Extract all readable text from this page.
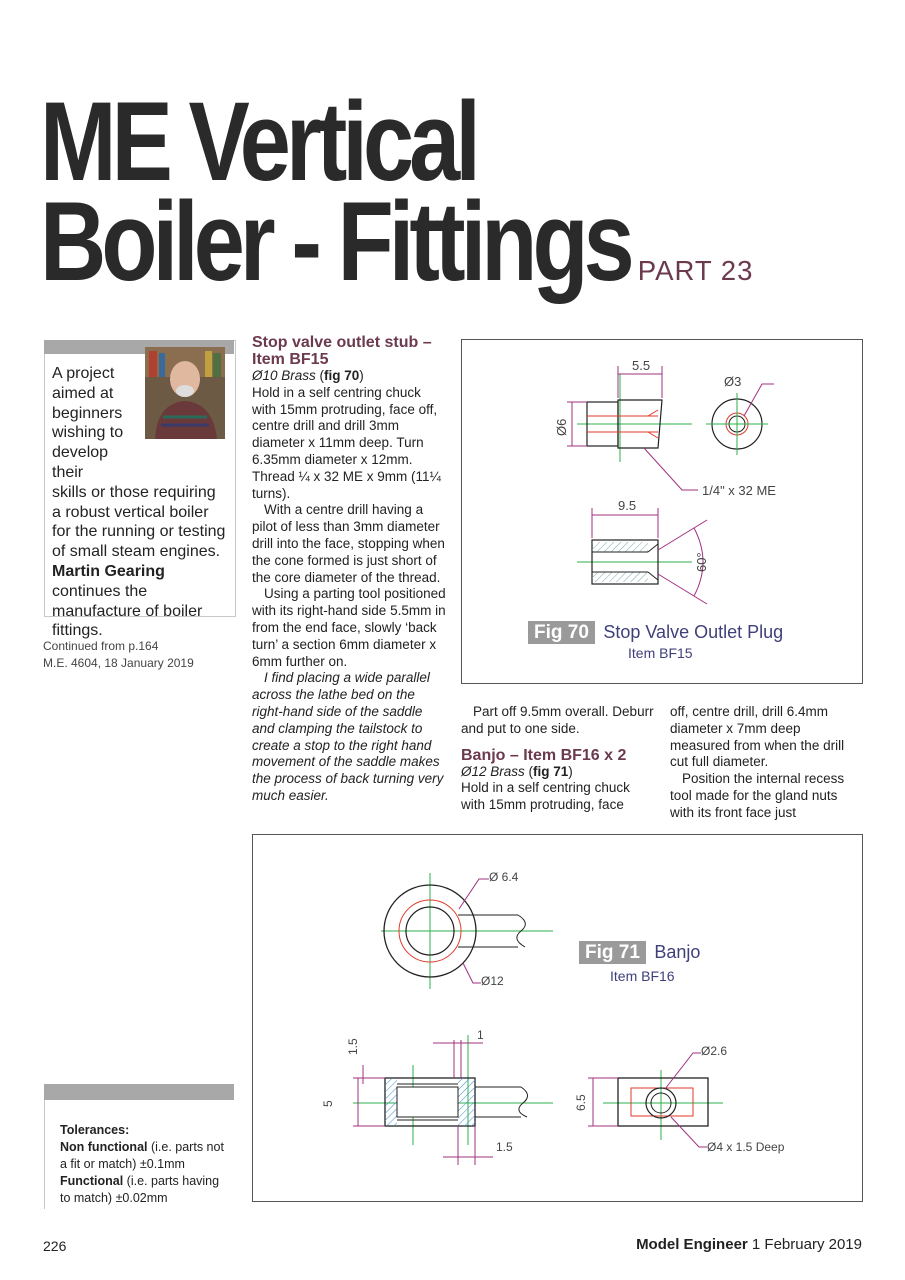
ME Vertical
Boiler - Fittings PART 23
A project aimed at beginners wishing to develop their
skills or those requiring a robust vertical boiler for the running or testing of small steam engines. Martin Gearing continues the manufacture of boiler fittings.
Continued from p.164
M.E. 4604, 18 January 2019

Stop valve outlet stub – Item BF15

Ø10 Brass (fig 70)

Hold in a self centring chuck with 15mm protruding, face off, centre drill and drill 3mm diameter x 11mm deep. Turn 6.35mm diameter x 12mm. Thread ¼ x 32 ME x 9mm (11¼ turns).

With a centre drill having a pilot of less than 3mm diameter drill into the face, stopping when the cone formed is just short of the core diameter of the thread.

Using a parting tool positioned with its right-hand side 5.5mm in from the end face, slowly ‘back turn’ a section 6mm diameter x 6mm further on.

I find placing a wide parallel across the lathe bed on the right-hand side of the saddle and clamping the tailstock to create a stop to the right hand movement of the saddle makes the process of back turning very much easier.

Part off 9.5mm overall. Deburr and put to one side.

Banjo – Item BF16 x 2

Ø12 Brass (fig 71)

Hold in a self centring chuck with 15mm protruding, face

off, centre drill, drill 6.4mm diameter x 7mm deep measured from when the drill cut full diameter.

Position the internal recess tool made for the gland nuts with its front face just

5.5
Ø6
Ø3
1/4" x 32 ME
9.5
60°
Fig 70 Stop Valve Outlet Plug
Item BF15
Ø 6.4
Ø12
5
1.5
1
1.5
6.5
Ø2.6
Ø4 x 1.5 Deep
Fig 71 Banjo
Item BF16
Tolerances:
Non functional (i.e. parts not a fit or match) ±0.1mm
Functional (i.e. parts having to match) ±0.02mm
226	Model Engineer 1 February 2019
